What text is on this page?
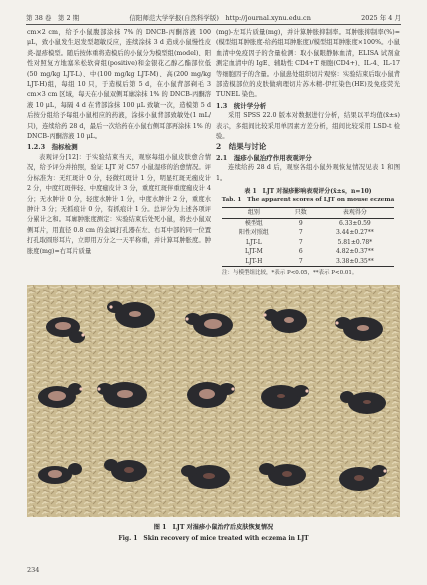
第 38 卷　第 2 期	信阳师范大学学报(自然科学版)　http://journal.xynu.edu.cn	2025 年 4 月

cm×2 cm，给予小鼠腹部涂抹 7% 的 DNCB-丙酮溶液 100 μL，致小鼠发生迟发型超敏反应，连续涂抹 3 d 造成小鼠慢性皮炎-湿疹模型。随后按体重将造模后的小鼠分为模型组(model)、阳性对照复方地塞米松软膏组(positive)和金银花乙醇乙酯部位低(50 mg/kg LJT-L)、中(100 mg/kg LJT-M)、高(200 mg/kg LJT-H)组，每组 10 只，于造模后第 5 d，在小鼠背部剃毛 3 cm×3 cm 区域，每天在小鼠双侧耳廓涂抹 1% 的 DNCB-丙酮溶液 10 μL，每隔 4 d 在背部涂抹 100 μL 致敏一次，造模第 5 d 后按分组给予每组小鼠相应的药液，涂抹小鼠背部致敏处(1 mL/只)，连续给药 28 d，最后一次给药在小鼠右侧耳部再涂抹 1% 的 DNCB-丙酮溶液 10 μL。

1.2.3　指标检测

表观评分[12]：于实验结束当天，观察每组小鼠皮肤愈合情况，给予评分并拍照，验证 LJT 对 C57 小鼠湿疹的治愈情况。评分标准为：无红斑计 0 分，轻微红斑计 1 分，明显红斑无痂皮计 2 分，中度红斑伴轻、中度痂皮计 3 分，重度红斑伴重度痂皮计 4 分；无水肿计 0 分，轻度水肿计 1 分，中度水肿计 2 分，重度水肿计 3 分；无抓痕计 0 分，有抓痕计 1 分。总评分为上述各项评分累计之和。耳廓肿胀度测定：实验结束后处死小鼠，将去小鼠双侧耳片，用直径 0.8 cm 的金属打孔器在左、右耳中部的同一位置打孔取圆形耳片，立即用万分之一天平称重，并计算耳肿胀度。肿胀度(mg)=右耳片质量

(mg)-左耳片质量(mg)，并计算肿胀抑制率。耳肿胀抑制率(%)=(模型组耳肿胀度-给药组耳肿胀度)/模型组耳肿胀度×100%。小鼠血清中免疫因子的含量检测：取小鼠眼静脉血清，ELISA 试剂盒测定血清中的 IgE、辅助性 CD4+T 细胞(CD4+)、IL-4、IL-17 等细胞因子的含量。小鼠患处组织切片观察：实验结束后取小鼠背部造模部位的皮肤做病理切片苏木精-伊红染色(HE)及免疫荧光 TUNEL 染色。

1.3　统计学分析

采用 SPSS 22.0 版本对数据进行分析，结果以平均值(x̄±s)表示，多组间比较采用单因素方差分析，组间比较采用 LSD-t 检验。

2　结果与讨论

2.1　湿疹小鼠治疗作用表观评分

连续给药 28 d 后，观察各组小鼠外观恢复情况见表 1 和图 1。

表 1　LJT 对湿疹影响表观评分(x̄±s，n=10)
Tab. 1　The apparent scores of LJT on mouse eczema
组别	只数	表观得分
模型组	9	6.33±0.59
阳性对照组	7	3.44±0.27**
LJT-L	7	5.81±0.78*
LJT-M	6	4.82±0.37**
LJT-H	7	3.38±0.35**
注：与模型组比较，*表示 P<0.05，**表示 P<0.01。
图 1　LJT 对湿疹小鼠治疗后皮肤恢复情况
Fig. 1　Skin recovery of mice treated with eczema in LJT
234
